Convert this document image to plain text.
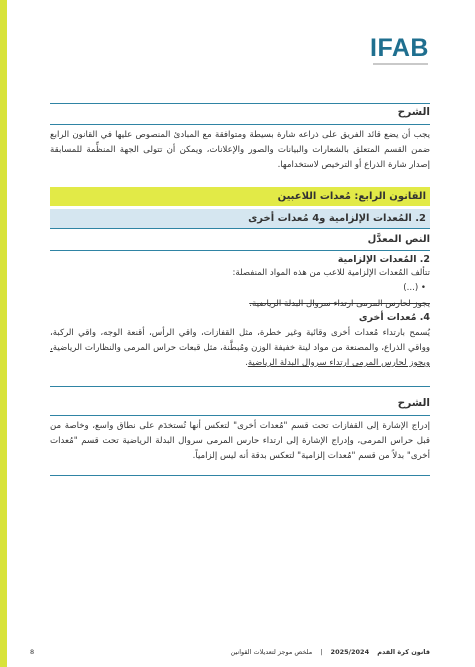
IFAB
الشرح
يجب أن يضع قائد الفريق على ذراعه شارة بسيطة ومتوافقة مع المبادئ المنصوص عليها في القانون الرابع ضمن القسم المتعلق بالشعارات والبيانات والصور والإعلانات، ويمكن أن تتولى الجهة المنظِّمة للمسابقة إصدار شارة الذراع أو الترخيص لاستخدامها.
القانون الرابع: مُعدات اللاعبين
2. المُعدات الإلزامية و4 مُعدات أخرى
النص المعدَّل
2. المُعدات الإلزامية
تتألف المُعدات الإلزامية للاعب من هذه المواد المنفصلة:
• (...)
يجوز لحارس المرمى ارتداء سروال البدلة الرياضية.
4. مُعدات أخرى
يُسمح بارتداء مُعدات أخرى وقائية وغير خطرة، مثل القفازات، واقي الرأس، أقنعة الوجه، واقي الركبة، وواقي الذراع، والمصنعة من مواد لينة خفيفة الوزن ومُبطَّنة، مثل قبعات حراس المرمى والنظارات الرياضية، ويجوز لحارس المرمى ارتداء سروال البدلة الرياضية.
الشرح
إدراج الإشارة إلى القفازات تحت قسم "مُعدات أخرى" لتعكس أنها تُستخدَم على نطاق واسع، وخاصة من قبل حراس المرمى، وإدراج الإشارة إلى ارتداء حارس المرمى سروال البدلة الرياضية تحت قسم "مُعدات أخرى" بدلاً من قسم "مُعدات إلزامية" لتعكس بدقة أنه ليس إلزامياً.
قانون كرة القدم 2025/2024 | ملخص موجز لتعديلات القوانين
8
